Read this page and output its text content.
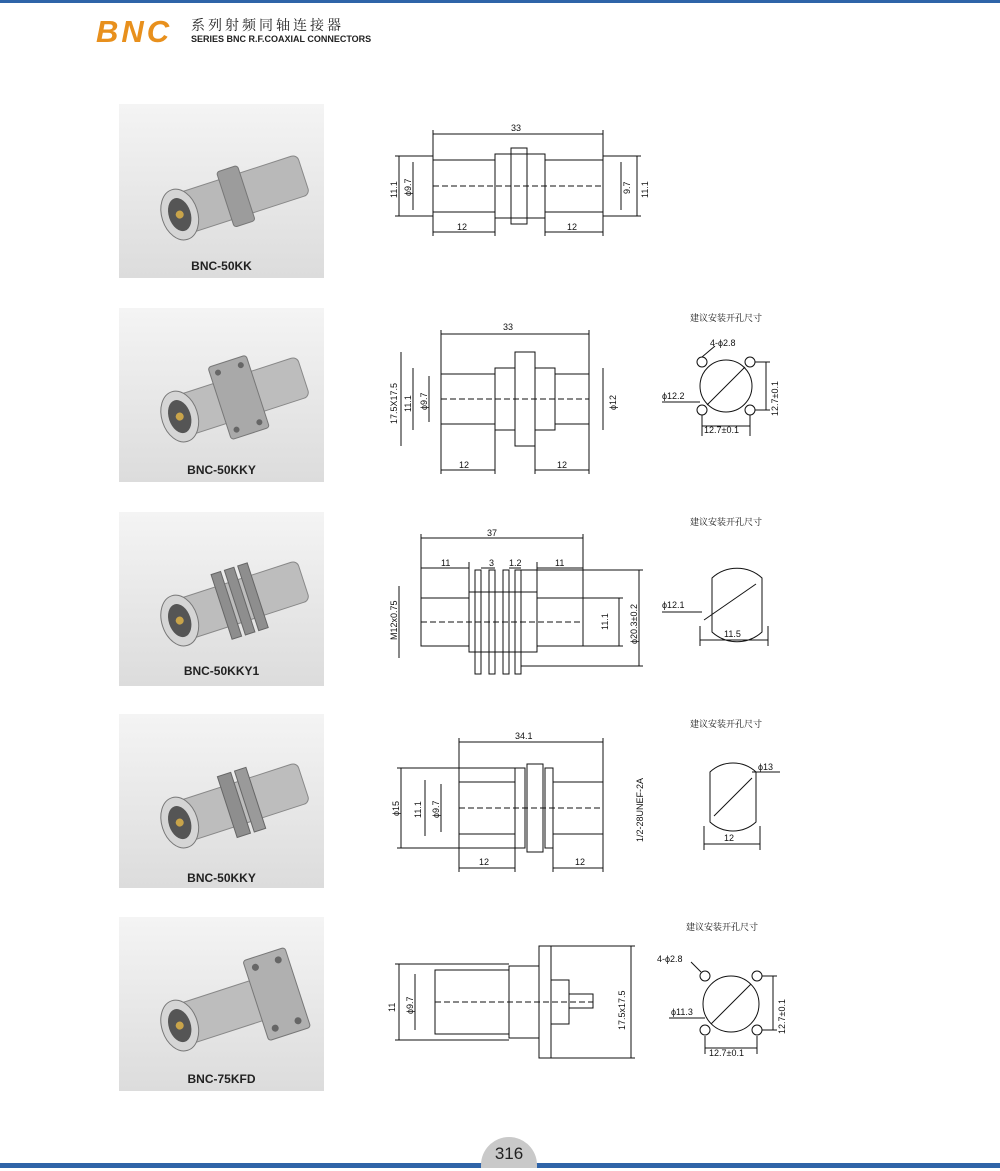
BNC 系列射频同轴连接器
SERIES BNC R.F.COAXIAL CONNECTORS
BNC-50KK
33
12	12
11.1 ϕ9.7	9.7 11.1
BNC-50KKY
33
12	12
17.5X17.5 11.1 ϕ9.7	ϕ12
建议安装开孔尺寸
4-ϕ2.8
ϕ12.2
12.7±0.1
12.7±0.1
BNC-50KKY1
37
11	3 1.2	11
M12x0.75	11.1 ϕ20.3±0.2
建议安装开孔尺寸
ϕ12.1
11.5
BNC-50KKY
34.1
12	12
ϕ15 11.1 ϕ9.7	1/2-28UNEF-2A
建议安装开孔尺寸
ϕ13
12
BNC-75KFD
11 ϕ9.7	17.5x17.5
建议安装开孔尺寸
4-ϕ2.8
ϕ11.3
12.7±0.1
12.7±0.1
316
